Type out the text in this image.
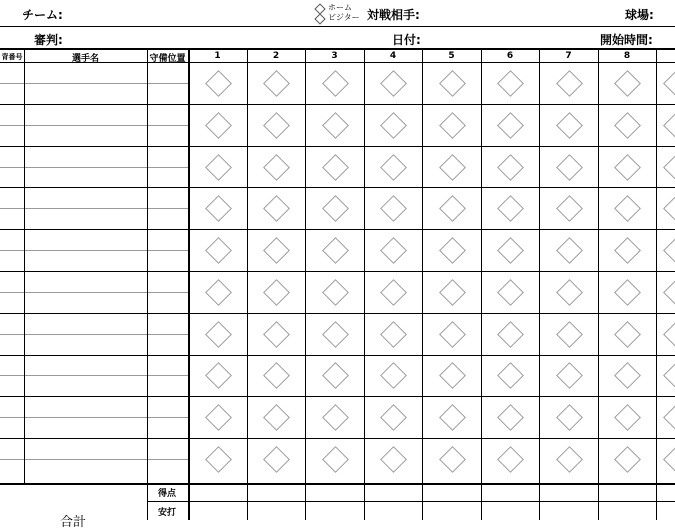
チーム:
ホーム
ビジター 対戦相手:	球場:
審判:	日付:	開始時間:
背番号	選手名	守備位置	1	2	3	4	5	6	7	8
得点
安打
合計
